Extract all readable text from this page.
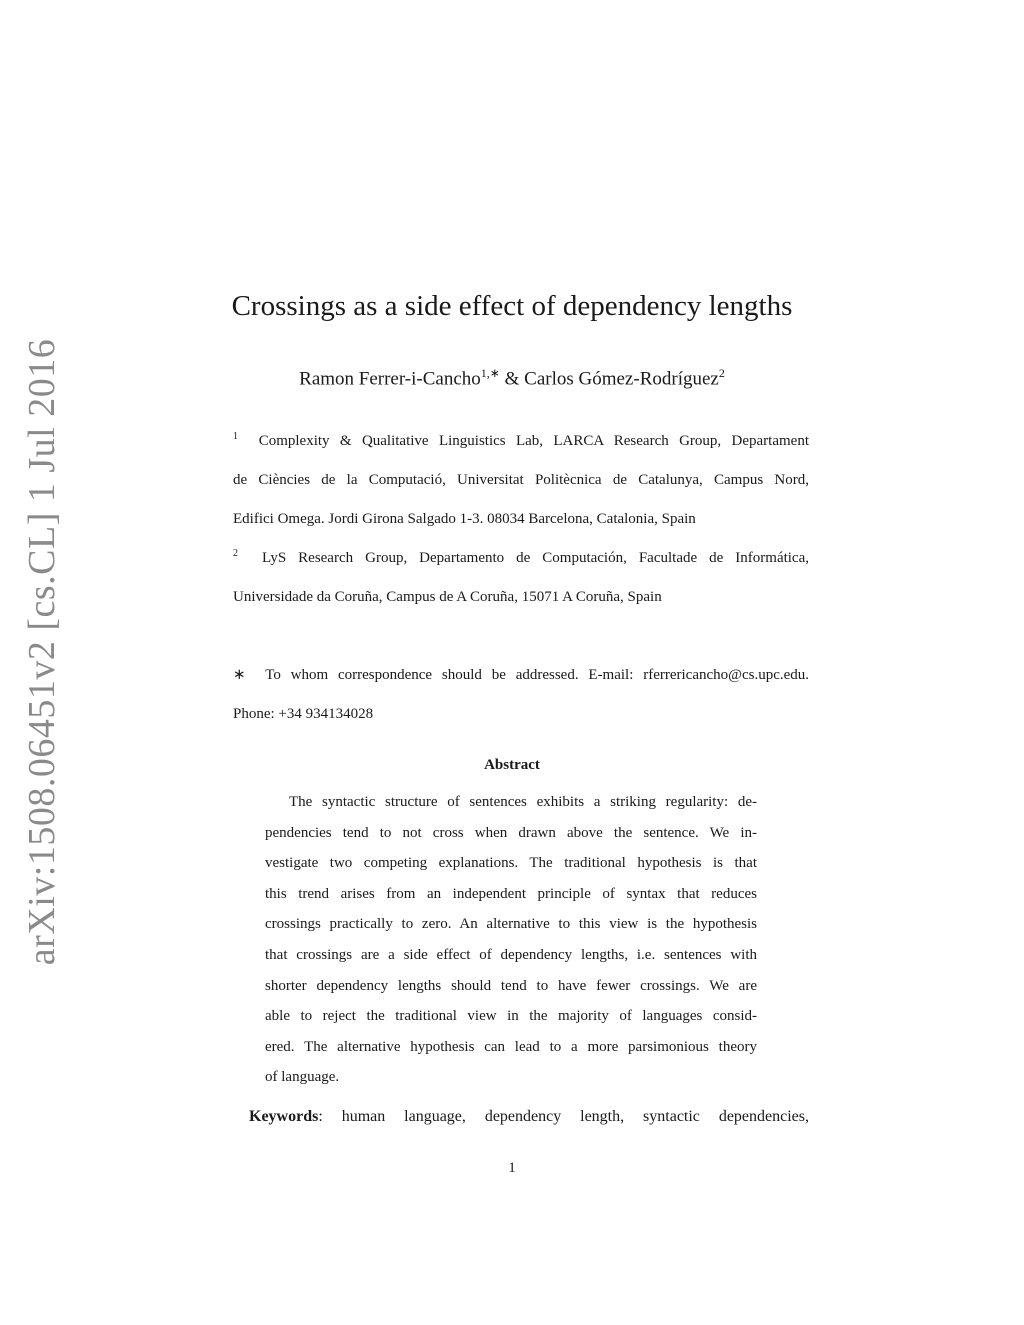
arXiv:1508.06451v2 [cs.CL] 1 Jul 2016
Crossings as a side effect of dependency lengths
Ramon Ferrer-i-Cancho$^{1,∗}$ & Carlos Gómez-Rodríguez$^2$
$^1$ Complexity & Qualitative Linguistics Lab, LARCA Research Group, Departament
de Ciències de la Computació, Universitat Politècnica de Catalunya, Campus Nord,
Edifici Omega. Jordi Girona Salgado 1-3. 08034 Barcelona, Catalonia, Spain
$^2$ LyS Research Group, Departamento de Computación, Facultade de Informática,
Universidade da Coruña, Campus de A Coruña, 15071 A Coruña, Spain
∗ To whom correspondence should be addressed. E-mail: rferrericancho@cs.upc.edu.
Phone: +34 934134028
Abstract
The syntactic structure of sentences exhibits a striking regularity: de-
pendencies tend to not cross when drawn above the sentence. We in-
vestigate two competing explanations. The traditional hypothesis is that
this trend arises from an independent principle of syntax that reduces
crossings practically to zero. An alternative to this view is the hypothesis
that crossings are a side effect of dependency lengths, i.e. sentences with
shorter dependency lengths should tend to have fewer crossings. We are
able to reject the traditional view in the majority of languages consid-
ered. The alternative hypothesis can lead to a more parsimonious theory
of language.
Keywords: human language, dependency length, syntactic dependencies,
1
